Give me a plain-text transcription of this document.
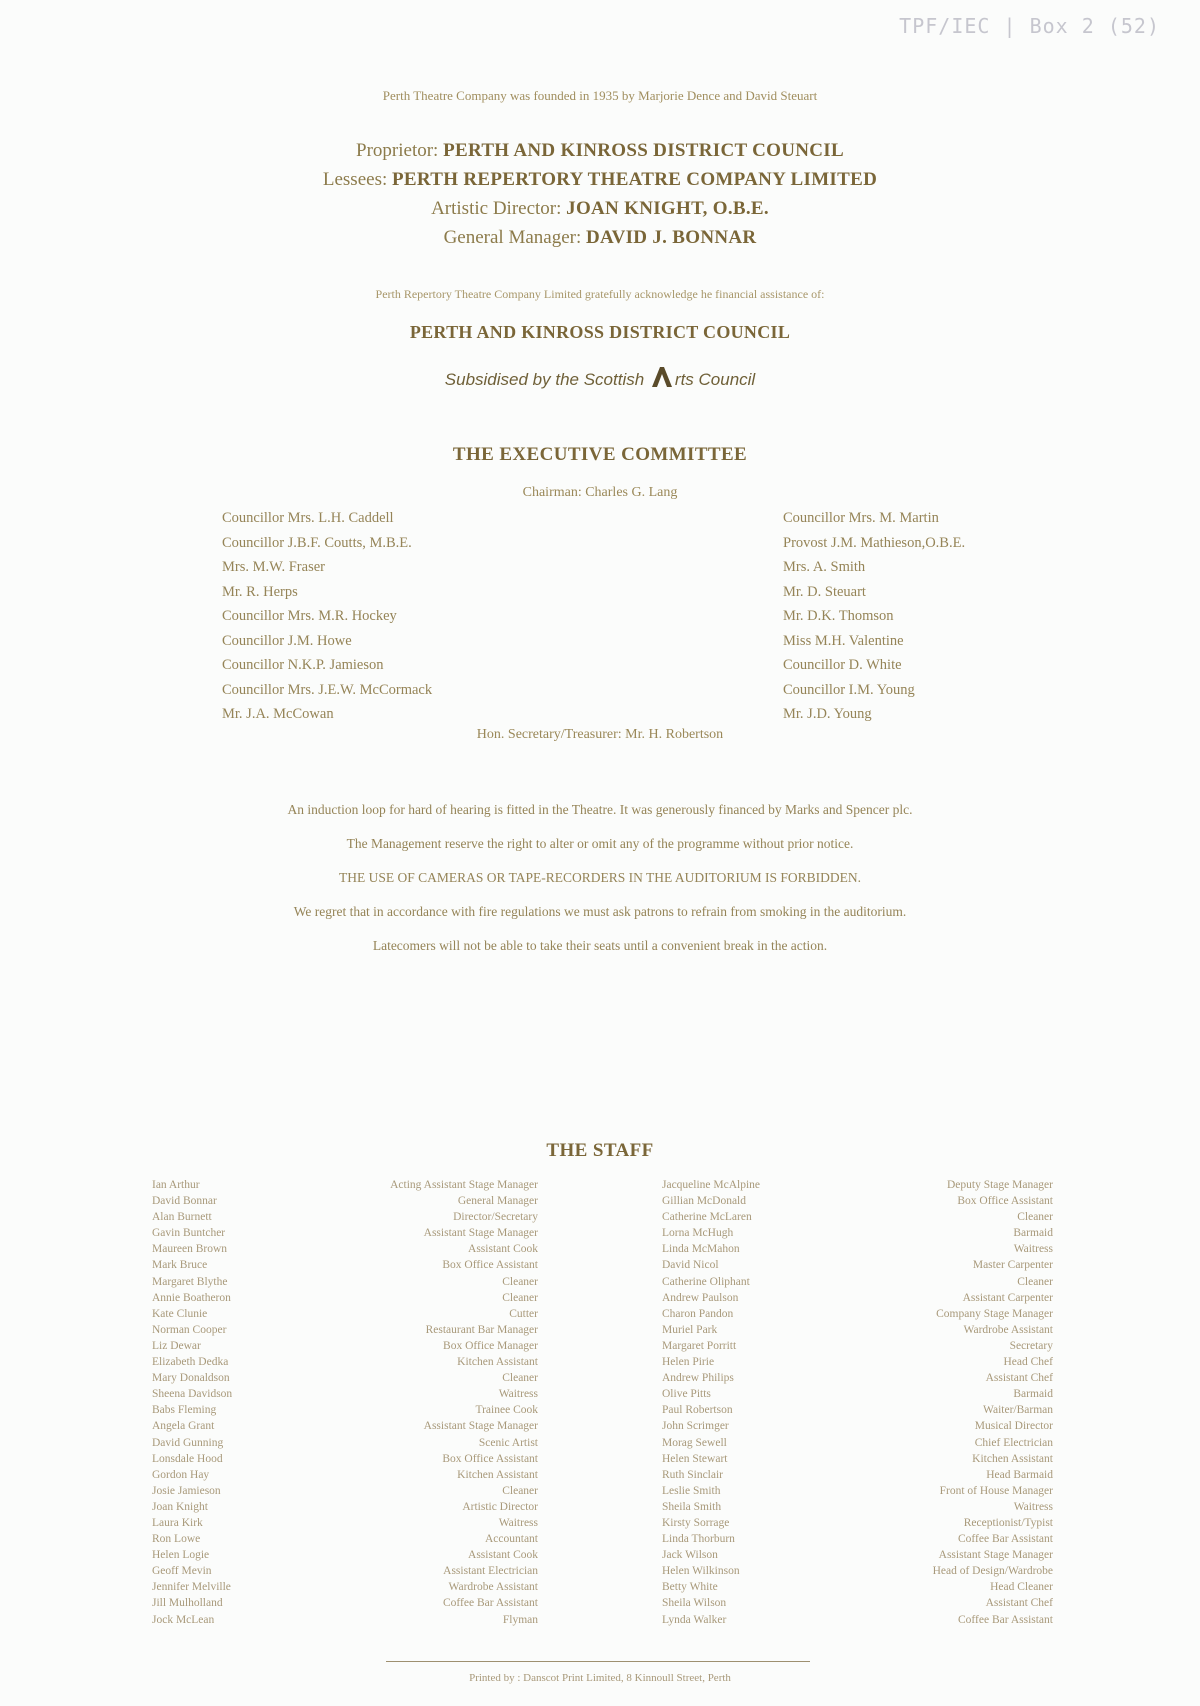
TPF/IEC | Box 2 (52)
Perth Theatre Company was founded in 1935 by Marjorie Dence and David Steuart
Proprietor: PERTH AND KINROSS DISTRICT COUNCIL
Lessees: PERTH REPERTORY THEATRE COMPANY LIMITED
Artistic Director: JOAN KNIGHT, O.B.E.
General Manager: DAVID J. BONNAR
Perth Repertory Theatre Company Limited gratefully acknowledge he financial assistance of:
PERTH AND KINROSS DISTRICT COUNCIL
Subsidised by the Scottish rts Council
THE EXECUTIVE COMMITTEE
Chairman: Charles G. Lang
Councillor Mrs. L.H. Caddell
Councillor J.B.F. Coutts, M.B.E.
Mrs. M.W. Fraser
Mr. R. Herps
Councillor Mrs. M.R. Hockey
Councillor J.M. Howe
Councillor N.K.P. Jamieson
Councillor Mrs. J.E.W. McCormack
Mr. J.A. McCowan
Councillor Mrs. M. Martin
Provost J.M. Mathieson,O.B.E.
Mrs. A. Smith
Mr. D. Steuart
Mr. D.K. Thomson
Miss M.H. Valentine
Councillor D. White
Councillor I.M. Young
Mr. J.D. Young
Hon. Secretary/Treasurer: Mr. H. Robertson
An induction loop for hard of hearing is fitted in the Theatre. It was generously financed by Marks and Spencer plc.
The Management reserve the right to alter or omit any of the programme without prior notice.
THE USE OF CAMERAS OR TAPE-RECORDERS IN THE AUDITORIUM IS FORBIDDEN.
We regret that in accordance with fire regulations we must ask patrons to refrain from smoking in the auditorium.
Latecomers will not be able to take their seats until a convenient break in the action.
THE STAFF
Ian Arthur
David Bonnar
Alan Burnett
Gavin Buntcher
Maureen Brown
Mark Bruce
Margaret Blythe
Annie Boatheron
Kate Clunie
Norman Cooper
Liz Dewar
Elizabeth Dedka
Mary Donaldson
Sheena Davidson
Babs Fleming
Angela Grant
David Gunning
Lonsdale Hood
Gordon Hay
Josie Jamieson
Joan Knight
Laura Kirk
Ron Lowe
Helen Logie
Geoff Mevin
Jennifer Melville
Jill Mulholland
Jock McLean
Acting Assistant Stage Manager
General Manager
Director/Secretary
Assistant Stage Manager
Assistant Cook
Box Office Assistant
Cleaner
Cleaner
Cutter
Restaurant Bar Manager
Box Office Manager
Kitchen Assistant
Cleaner
Waitress
Trainee Cook
Assistant Stage Manager
Scenic Artist
Box Office Assistant
Kitchen Assistant
Cleaner
Artistic Director
Waitress
Accountant
Assistant Cook
Assistant Electrician
Wardrobe Assistant
Coffee Bar Assistant
Flyman
Jacqueline McAlpine
Gillian McDonald
Catherine McLaren
Lorna McHugh
Linda McMahon
David Nicol
Catherine Oliphant
Andrew Paulson
Charon Pandon
Muriel Park
Margaret Porritt
Helen Pirie
Andrew Philips
Olive Pitts
Paul Robertson
John Scrimger
Morag Sewell
Helen Stewart
Ruth Sinclair
Leslie Smith
Sheila Smith
Kirsty Sorrage
Linda Thorburn
Jack Wilson
Helen Wilkinson
Betty White
Sheila Wilson
Lynda Walker
Deputy Stage Manager
Box Office Assistant
Cleaner
Barmaid
Waitress
Master Carpenter
Cleaner
Assistant Carpenter
Company Stage Manager
Wardrobe Assistant
Secretary
Head Chef
Assistant Chef
Barmaid
Waiter/Barman
Musical Director
Chief Electrician
Kitchen Assistant
Head Barmaid
Front of House Manager
Waitress
Receptionist/Typist
Coffee Bar Assistant
Assistant Stage Manager
Head of Design/Wardrobe
Head Cleaner
Assistant Chef
Coffee Bar Assistant
Printed by : Danscot Print Limited, 8 Kinnoull Street, Perth
